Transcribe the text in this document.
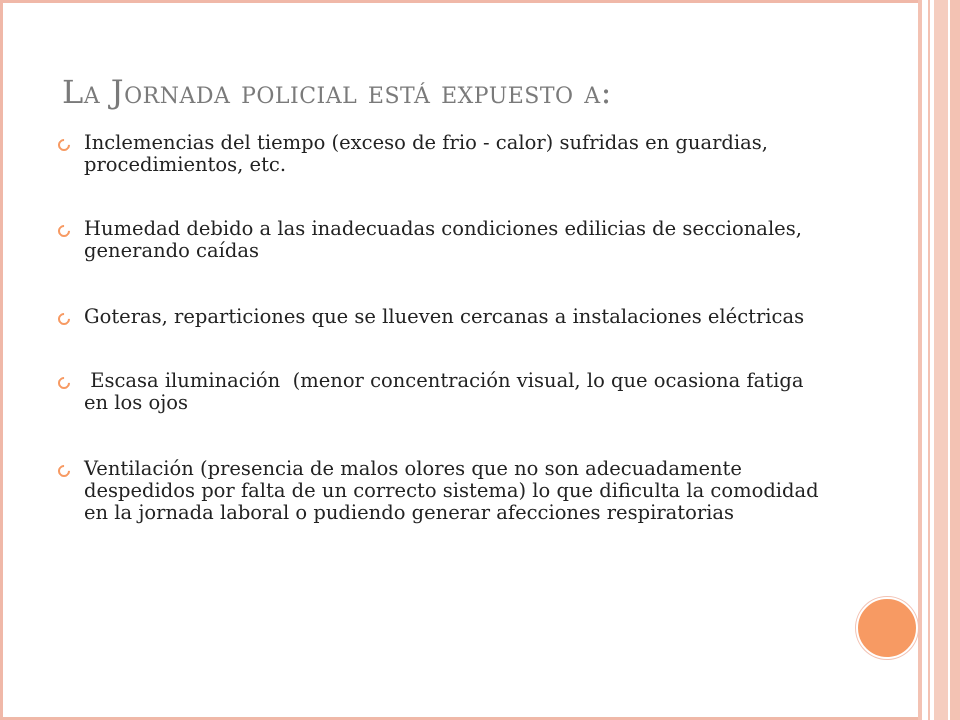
La Jornada policial está expuesto a:
Inclemencias del tiempo (exceso de frio - calor) sufridas en guardias, procedimientos, etc.
Humedad debido a las inadecuadas condiciones edilicias de seccionales, generando caídas
Goteras, reparticiones que se llueven cercanas a instalaciones eléctricas
Escasa iluminación  (menor concentración visual, lo que ocasiona fatiga en los ojos
Ventilación (presencia de malos olores que no son adecuadamente despedidos por falta de un correcto sistema) lo que dificulta la comodidad en la jornada laboral o pudiendo generar afecciones respiratorias
